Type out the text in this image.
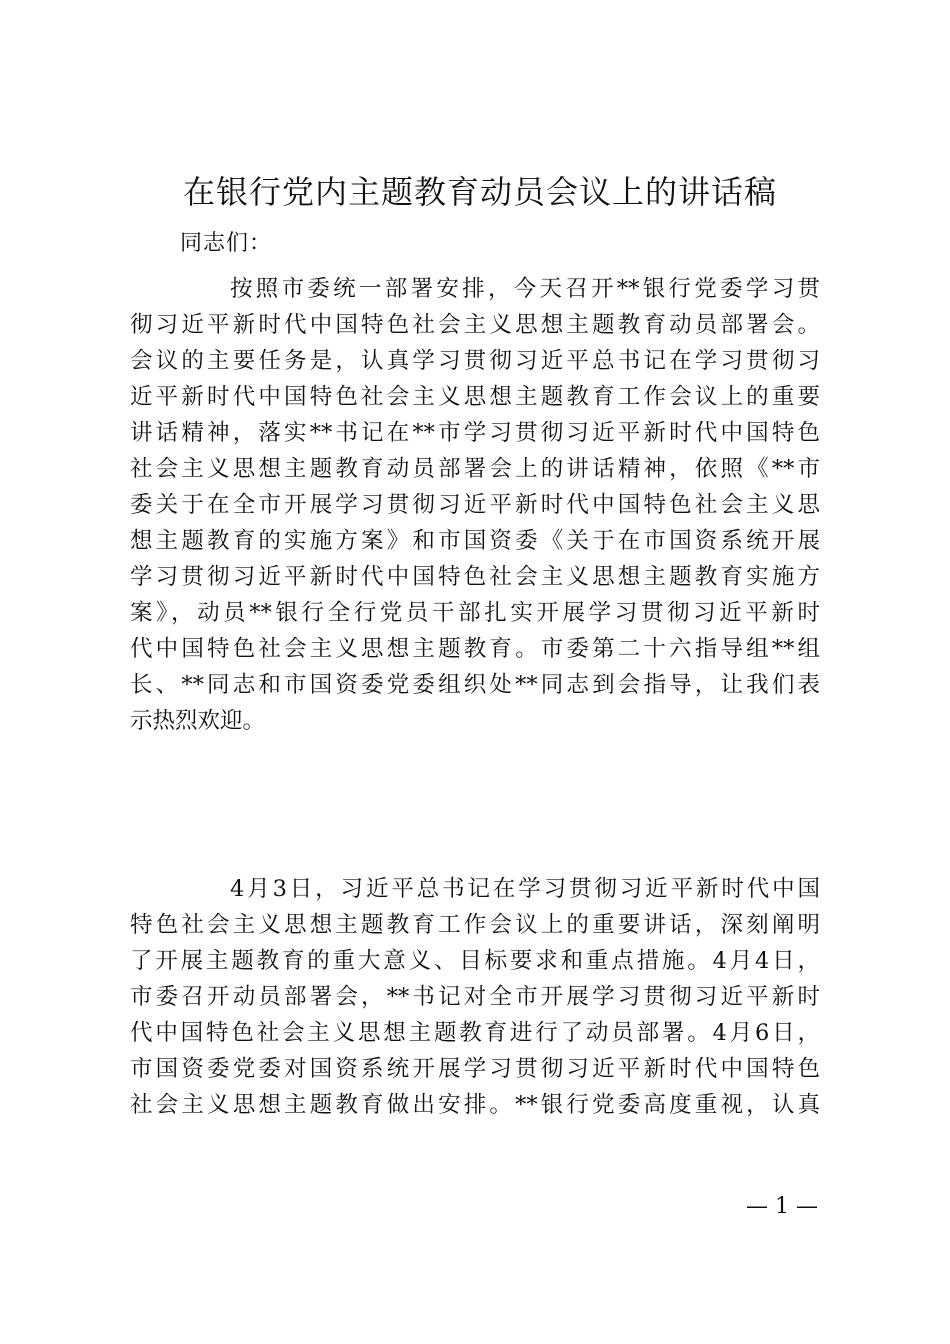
在银行党内主题教育动员会议上的讲话稿
同志们：
按照市委统一部署安排，今天召开**银行党委学习贯
彻习近平新时代中国特色社会主义思想主题教育动员部署会。
会议的主要任务是，认真学习贯彻习近平总书记在学习贯彻习
近平新时代中国特色社会主义思想主题教育工作会议上的重要
讲话精神，落实**书记在**市学习贯彻习近平新时代中国特色
社会主义思想主题教育动员部署会上的讲话精神，依照《**市
委关于在全市开展学习贯彻习近平新时代中国特色社会主义思
想主题教育的实施方案》和市国资委《关于在市国资系统开展
学习贯彻习近平新时代中国特色社会主义思想主题教育实施方
案》，动员**银行全行党员干部扎实开展学习贯彻习近平新时
代中国特色社会主义思想主题教育。市委第二十六指导组**组
长、**同志和市国资委党委组织处**同志到会指导，让我们表
示热烈欢迎。
4月3日，习近平总书记在学习贯彻习近平新时代中国
特色社会主义思想主题教育工作会议上的重要讲话，深刻阐明
了开展主题教育的重大意义、目标要求和重点措施。4月4日，
市委召开动员部署会，**书记对全市开展学习贯彻习近平新时
代中国特色社会主义思想主题教育进行了动员部署。4月6日，
市国资委党委对国资系统开展学习贯彻习近平新时代中国特色
社会主义思想主题教育做出安排。**银行党委高度重视，认真
— 1 —
